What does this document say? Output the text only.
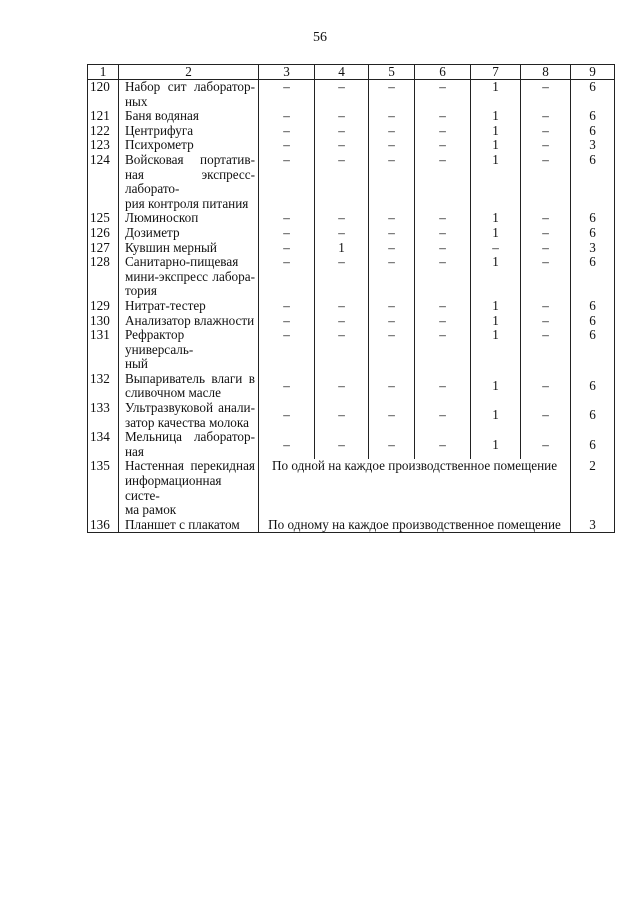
56
1	2	3	4	5	6	7	8	9
120	Набор сит лаборатор-
ных	–	–	–	–	1	–	6
121	Баня водяная	–	–	–	–	1	–	6
122	Центрифуга	–	–	–	–	1	–	6
123	Психрометр	–	–	–	–	1	–	3
124	Войсковая портатив-
ная экспресс-лаборато-
рия контроля питания	–	–	–	–	1	–	6
125	Люминоскоп	–	–	–	–	1	–	6
126	Дозиметр	–	–	–	–	1	–	6
127	Кувшин мерный	–	1	–	–	–	–	3
128	Санитарно-пищевая
мини-экспресс лабора-
тория	–	–	–	–	1	–	6
129	Нитрат-тестер	–	–	–	–	1	–	6
130	Анализатор влажности	–	–	–	–	1	–	6
131	Рефрактор универсаль-
ный	–	–	–	–	1	–	6
132	Выпариватель влаги в
сливочном масле	–	–	–	–	1	–	6
133	Ультразвуковой анали-
затор качества молока	–	–	–	–	1	–	6
134	Мельница лаборатор-
ная	–	–	–	–	1	–	6
135	Настенная перекидная
информационная систе-
ма рамок	По одной на каждое производственное помещение						2
136	Планшет с плакатом	По одному на каждое производственное помещение						3
